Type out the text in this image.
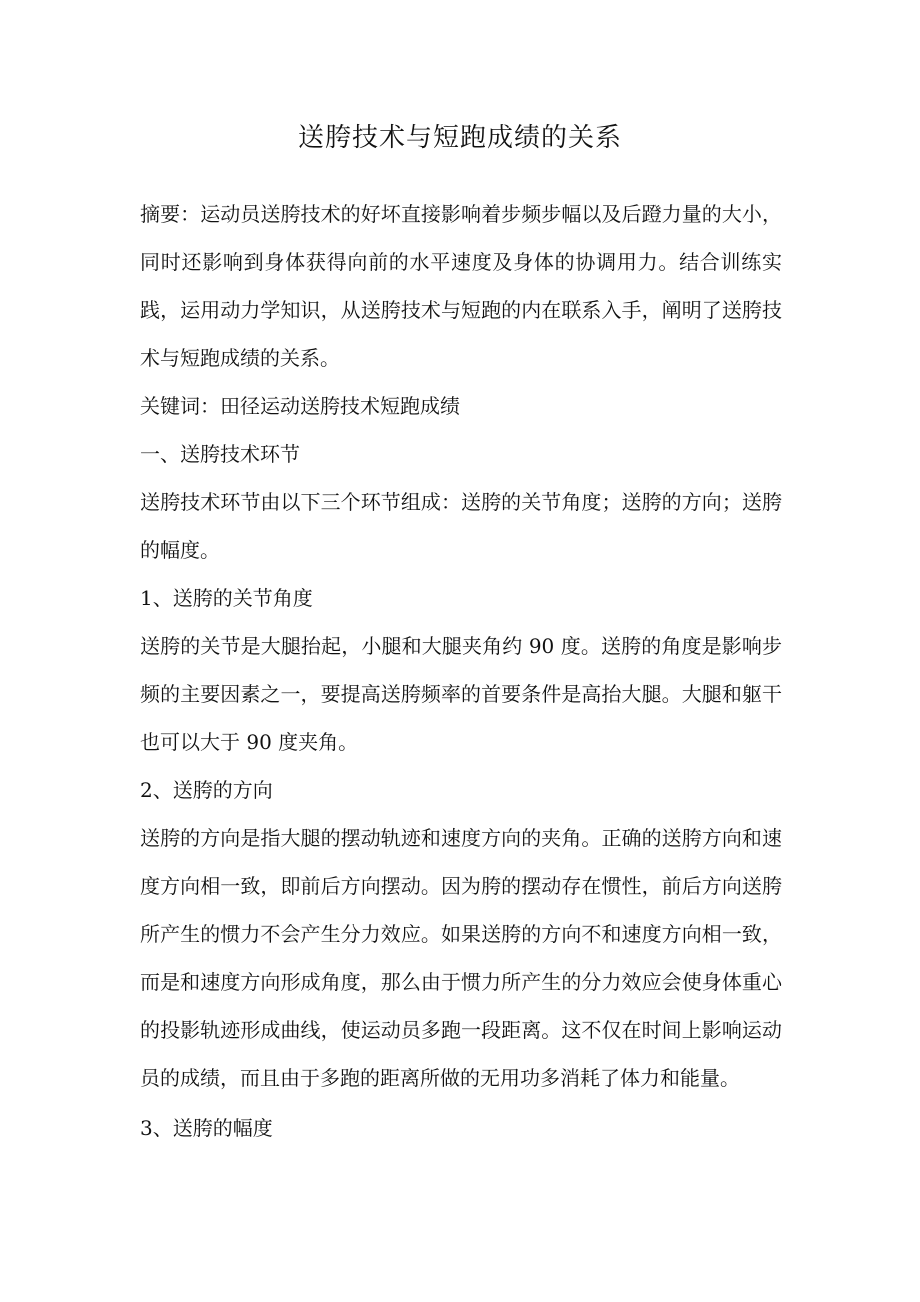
送胯技术与短跑成绩的关系

摘要：运动员送胯技术的好坏直接影响着步频步幅以及后蹬力量的大小，同时还影响到身体获得向前的水平速度及身体的协调用力。结合训练实践，运用动力学知识，从送胯技术与短跑的内在联系入手，阐明了送胯技术与短跑成绩的关系。

关键词：田径运动送胯技术短跑成绩

一、送胯技术环节

送胯技术环节由以下三个环节组成：送胯的关节角度；送胯的方向；送胯的幅度。

1、送胯的关节角度

送胯的关节是大腿抬起，小腿和大腿夹角约 90 度。送胯的角度是影响步频的主要因素之一，要提高送胯频率的首要条件是高抬大腿。大腿和躯干也可以大于 90 度夹角。

2、送胯的方向

送胯的方向是指大腿的摆动轨迹和速度方向的夹角。正确的送胯方向和速度方向相一致，即前后方向摆动。因为胯的摆动存在惯性，前后方向送胯所产生的惯力不会产生分力效应。如果送胯的方向不和速度方向相一致，而是和速度方向形成角度，那么由于惯力所产生的分力效应会使身体重心的投影轨迹形成曲线，使运动员多跑一段距离。这不仅在时间上影响运动员的成绩，而且由于多跑的距离所做的无用功多消耗了体力和能量。

3、送胯的幅度
